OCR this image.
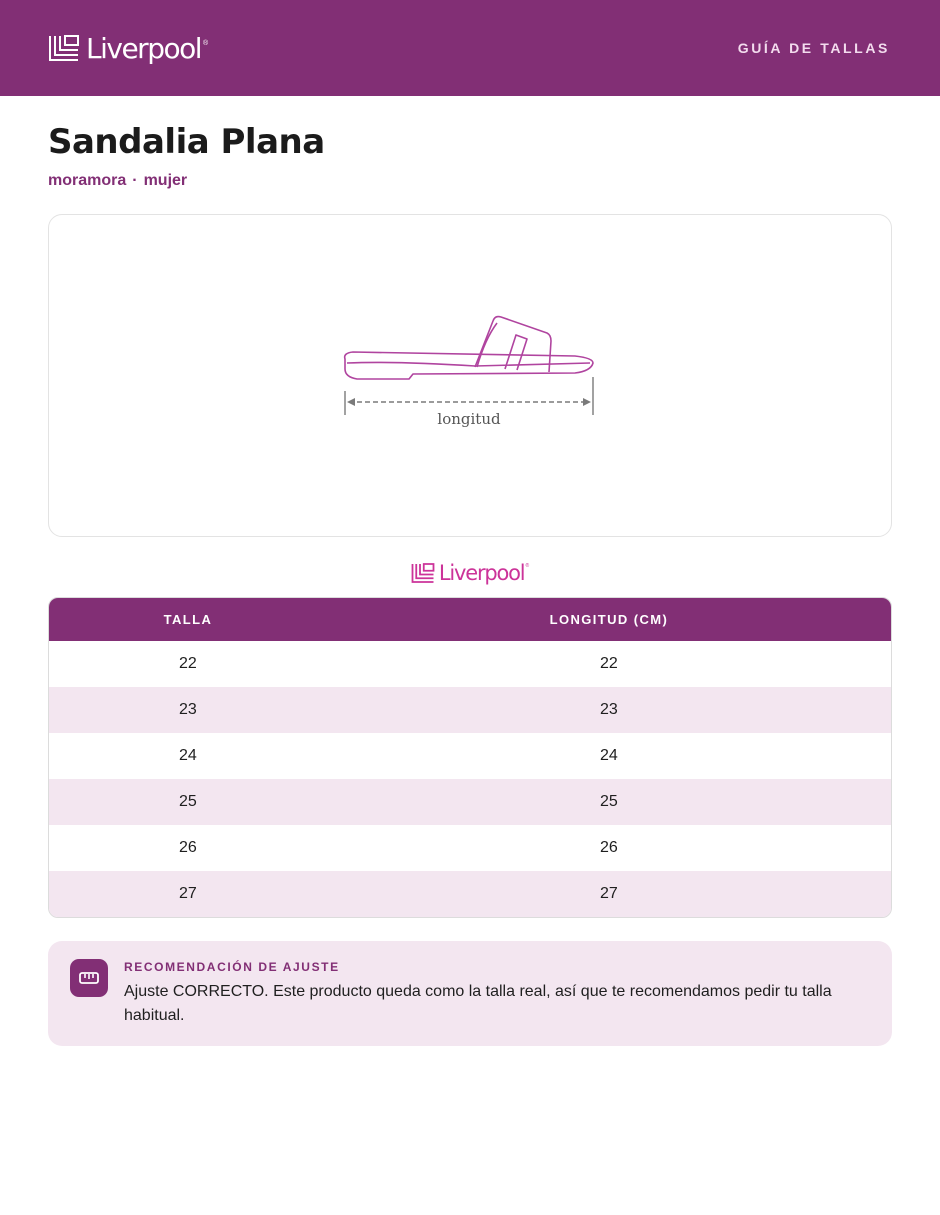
Liverpool ®	GUÍA DE TALLAS
Sandalia Plana
moramora · mujer
longitud
Liverpool ®
TALLA	LONGITUD (CM)
22	22
23	23
24	24
25	25
26	26
27	27
RECOMENDACIÓN DE AJUSTE
Ajuste CORRECTO. Este producto queda como la talla real, así que te recomendamos pedir tu talla habitual.
